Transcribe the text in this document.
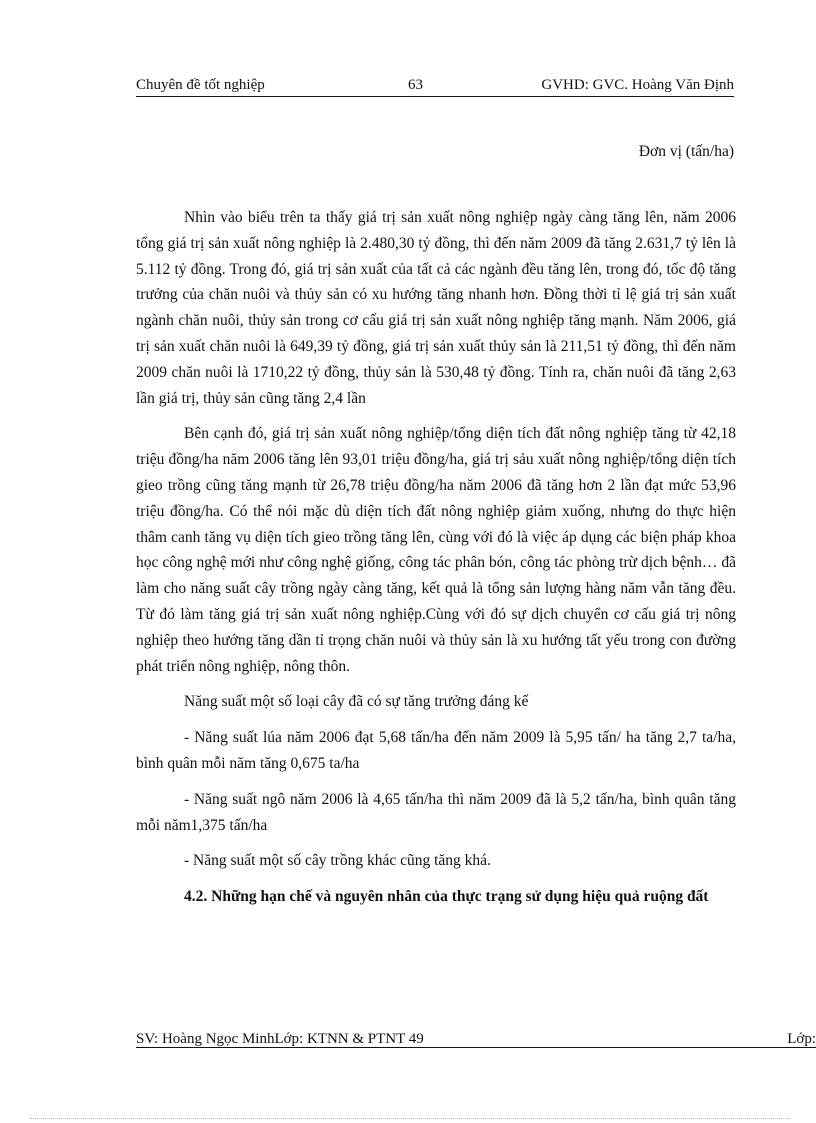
Chuyên đề tốt nghiệp	63	GVHD: GVC. Hoàng Văn Định
Đơn vị (tấn/ha)

Nhìn vào biểu trên ta thấy giá trị sản xuất nông nghiệp ngày càng tăng lên, năm 2006 tổng giá trị sản xuất nông nghiệp là 2.480,30 tỷ đồng, thì đến năm 2009 đã tăng 2.631,7 tỷ lên là 5.112 tỷ đồng. Trong đó, giá trị sản xuất của tất cả các ngành đều tăng lên, trong đó, tốc độ tăng trưởng của chăn nuôi và thủy sản có xu hướng tăng nhanh hơn. Đồng thời tỉ lệ giá trị sản xuất ngành chăn nuôi, thủy sản trong cơ cấu giá trị sản xuất nông nghiệp tăng mạnh. Năm 2006, giá trị sản xuất chăn nuôi là 649,39 tỷ đồng, giá trị sản xuất thủy sản là 211,51 tỷ đồng, thì đến năm 2009 chăn nuôi là 1710,22 tỷ đồng, thủy sản là 530,48 tỷ đồng. Tính ra, chăn nuôi đã tăng 2,63 lần giá trị, thủy sản cũng tăng 2,4 lần

Bên cạnh đó, giá trị sản xuất nông nghiệp/tổng diện tích đất nông nghiệp tăng từ 42,18 triệu đồng/ha năm 2006 tăng lên 93,01 triệu đồng/ha, giá trị sảu xuất nông nghiệp/tổng diện tích gieo trồng cũng tăng mạnh từ 26,78 triệu đồng/ha năm 2006 đã tăng hơn 2 lần đạt mức 53,96 triệu đồng/ha. Có thể nói mặc dù diện tích đất nông nghiệp giảm xuống, nhưng do thực hiện thâm canh tăng vụ diện tích gieo trồng tăng lên, cùng với đó là việc áp dụng các biện pháp khoa học công nghệ mới như công nghệ giống, công tác phân bón, công tác phòng trừ dịch bệnh… đã làm cho năng suất cây trồng ngày càng tăng, kết quả là tổng sản lượng hàng năm vẫn tăng đều. Từ đó làm tăng giá trị sản xuất nông nghiệp.Cùng với đó sự dịch chuyển cơ cấu giá trị nông nghiệp theo hướng tăng dần tỉ trọng chăn nuôi và thủy sản là xu hướng tất yếu trong con đường phát triển nông nghiệp, nông thôn.

Năng suất một số loại cây đã có sự tăng trưởng đáng kể

- Năng suất lúa năm 2006 đạt 5,68 tấn/ha đến năm 2009 là 5,95 tấn/ ha tăng 2,7 ta/ha, bình quân mỗi năm tăng 0,675 ta/ha

- Năng suất ngô năm 2006 là 4,65 tấn/ha thì năm 2009 đã là 5,2 tấn/ha, bình quân tăng mỗi năm1,375 tấn/ha

- Năng suất một số cây trồng khác cũng tăng khá.

4.2. Những hạn chế và nguyên nhân của thực trạng sử dụng hiệu quả ruộng đất

SV: Hoàng Ngọc MinhLớp: KTNN & PTNT 49	Lớp:
